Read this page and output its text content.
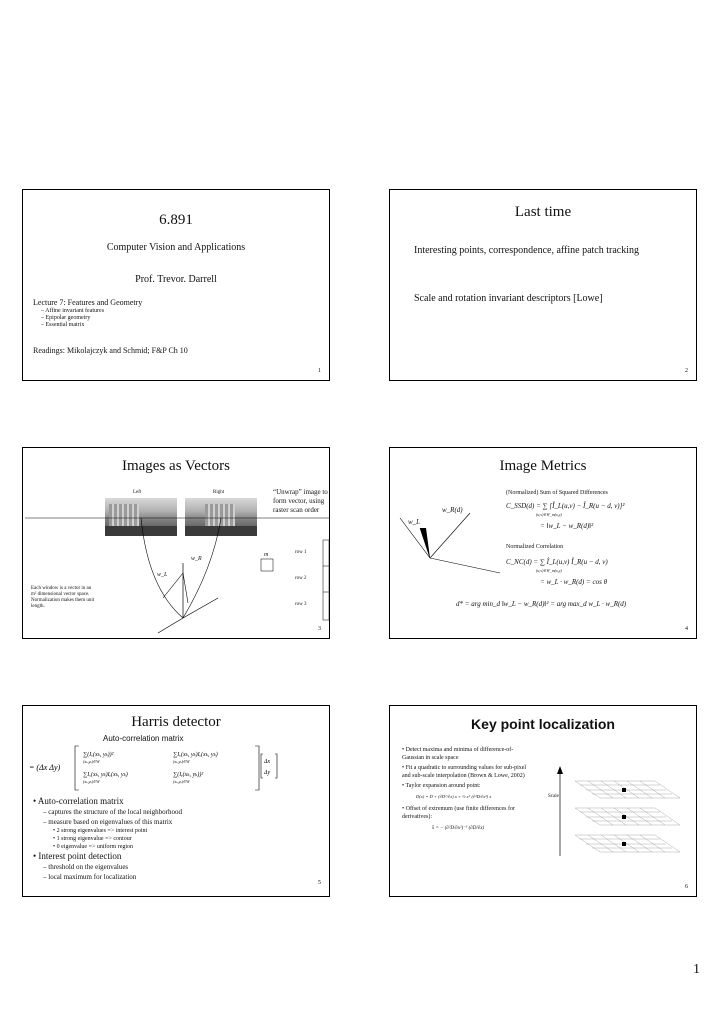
6.891
Computer Vision and Applications
Prof. Trevor. Darrell
Lecture 7: Features and Geometry
– Affine invariant features
– Epipolar geometry
– Essential matrix
Readings: Mikolajczyk and Schmid; F&P Ch 10
1
Last time
Interesting points, correspondence, affine patch tracking
Scale and rotation invariant descriptors [Lowe]
2
Images as Vectors
Left	Right	“Unwrap” image to form vector, using raster scan order
Each window is a vector in an m² dimensional vector space. Normalization makes them unit length.
w_R
w_L
m	row 1
row 2
row 3
3
Image Metrics
w_R(d)
w_L
(Normalized) Sum of Squared Differences
C_SSD(d) = ∑ [Î_L(u,v) − Î_R(u − d, v)]²
(u,v)∈W_m(x,y)
= ‖w_L − w_R(d)‖²
Normalized Correlation
C_NC(d) = ∑ Î_L(u,v) Î_R(u − d, v)
(u,v)∈W_m(x,y)
= w_L · w_R(d) = cos θ
d* = arg min_d ‖w_L − w_R(d)‖² = arg max_d w_L · w_R(d)
4
Harris detector
Auto-correlation matrix
= (Δx Δy)
∑(Iₓ(xₖ, yₖ))²
(xₖ,yₖ)∈W
∑Iₓ(xₖ, yₖ)Iᵧ(xₖ, yₖ)
(xₖ,yₖ)∈W
∑Iₓ(xₖ, yₖ)Iᵧ(xₖ, yₖ)
(xₖ,yₖ)∈W
∑(Iᵧ(xₖ, yₖ))²
(xₖ,yₖ)∈W
Δx
Δy
• Auto-correlation matrix
– captures the structure of the local neighborhood
– measure based on eigenvalues of this matrix
• 2 strong eigenvalues => interest point
• 1 strong eigenvalue => contour
• 0 eigenvalue => uniform region
• Interest point detection
– threshold on the eigenvalues
– local maximum for localization
5
Key point localization
• Detect maxima and minima of difference-of-Gaussian in scale space
• Fit a quadratic to surrounding values for sub-pixel and sub-scale interpolation (Brown & Lowe, 2002)
• Taylor expansion around point:
D(x) = D + (∂Dᵀ/∂x) x + ½ xᵀ (∂²D/∂x²) x
• Offset of extremum (use finite differences for derivatives):
x̂ = − (∂²D/∂x²)⁻¹ (∂D/∂x)
Scale
6
1
